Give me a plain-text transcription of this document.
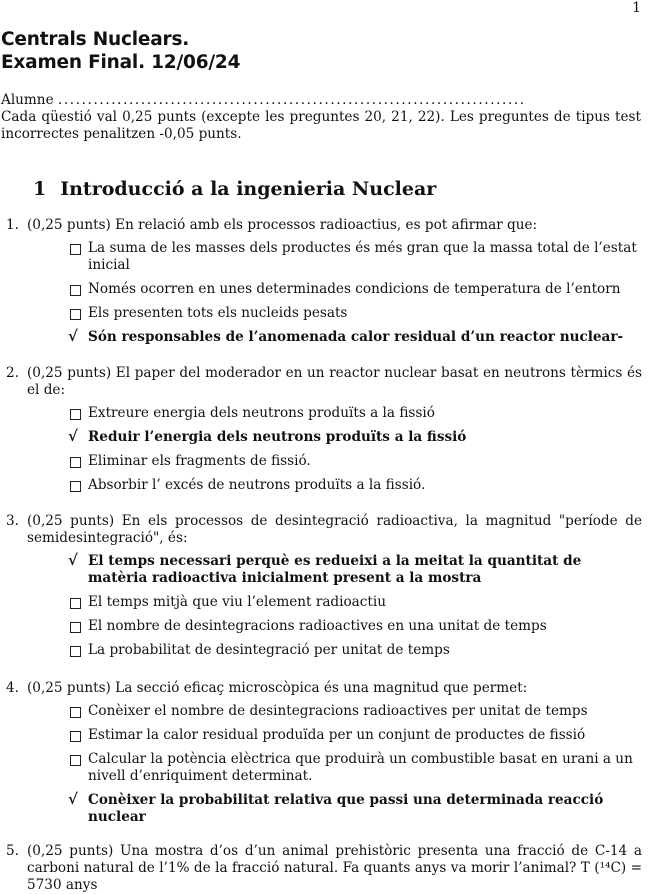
1
Centrals Nuclears.
Examen Final. 12/06/24
Alumne ...............................................................................
Cada qüestió val 0,25 punts (excepte les preguntes 20, 21, 22). Les preguntes de tipus test incorrectes penalitzen -0,05 punts.
1 Introducció a la ingenieria Nuclear
1. (0,25 punts) En relació amb els processos radioactius, es pot afirmar que:
La suma de les masses dels productes és més gran que la massa total de l’estat inicial
Només ocorren en unes determinades condicions de temperatura de l’entorn
Els presenten tots els nucleids pesats
√ Són responsables de l’anomenada calor residual d’un reactor nuclear-
2. (0,25 punts) El paper del moderador en un reactor nuclear basat en neutrons tèrmics és el de:
Extreure energia dels neutrons produïts a la fissió
√ Reduir l’energia dels neutrons produïts a la fissió
Eliminar els fragments de fissió.
Absorbir l’ excés de neutrons produïts a la fissió.
3. (0,25 punts) En els processos de desintegració radioactiva, la magnitud "període de semidesintegració", és:
√ El temps necessari perquè es redueixi a la meitat la quantitat de matèria radioactiva inicialment present a la mostra
El temps mitjà que viu l’element radioactiu
El nombre de desintegracions radioactives en una unitat de temps
La probabilitat de desintegració per unitat de temps
4. (0,25 punts) La secció eficaç microscòpica és una magnitud que permet:
Conèixer el nombre de desintegracions radioactives per unitat de temps
Estimar la calor residual produïda per un conjunt de productes de fissió
Calcular la potència elèctrica que produirà un combustible basat en urani a un nivell d’enriquiment determinat.
√ Conèixer la probabilitat relativa que passi una determinada reacció nuclear
5. (0,25 punts) Una mostra d’os d’un animal prehistòric presenta una fracció de C-14 a carboni natural de l’1% de la fracció natural. Fa quants anys va morir l’animal? T (¹⁴C) = 5730 anys
